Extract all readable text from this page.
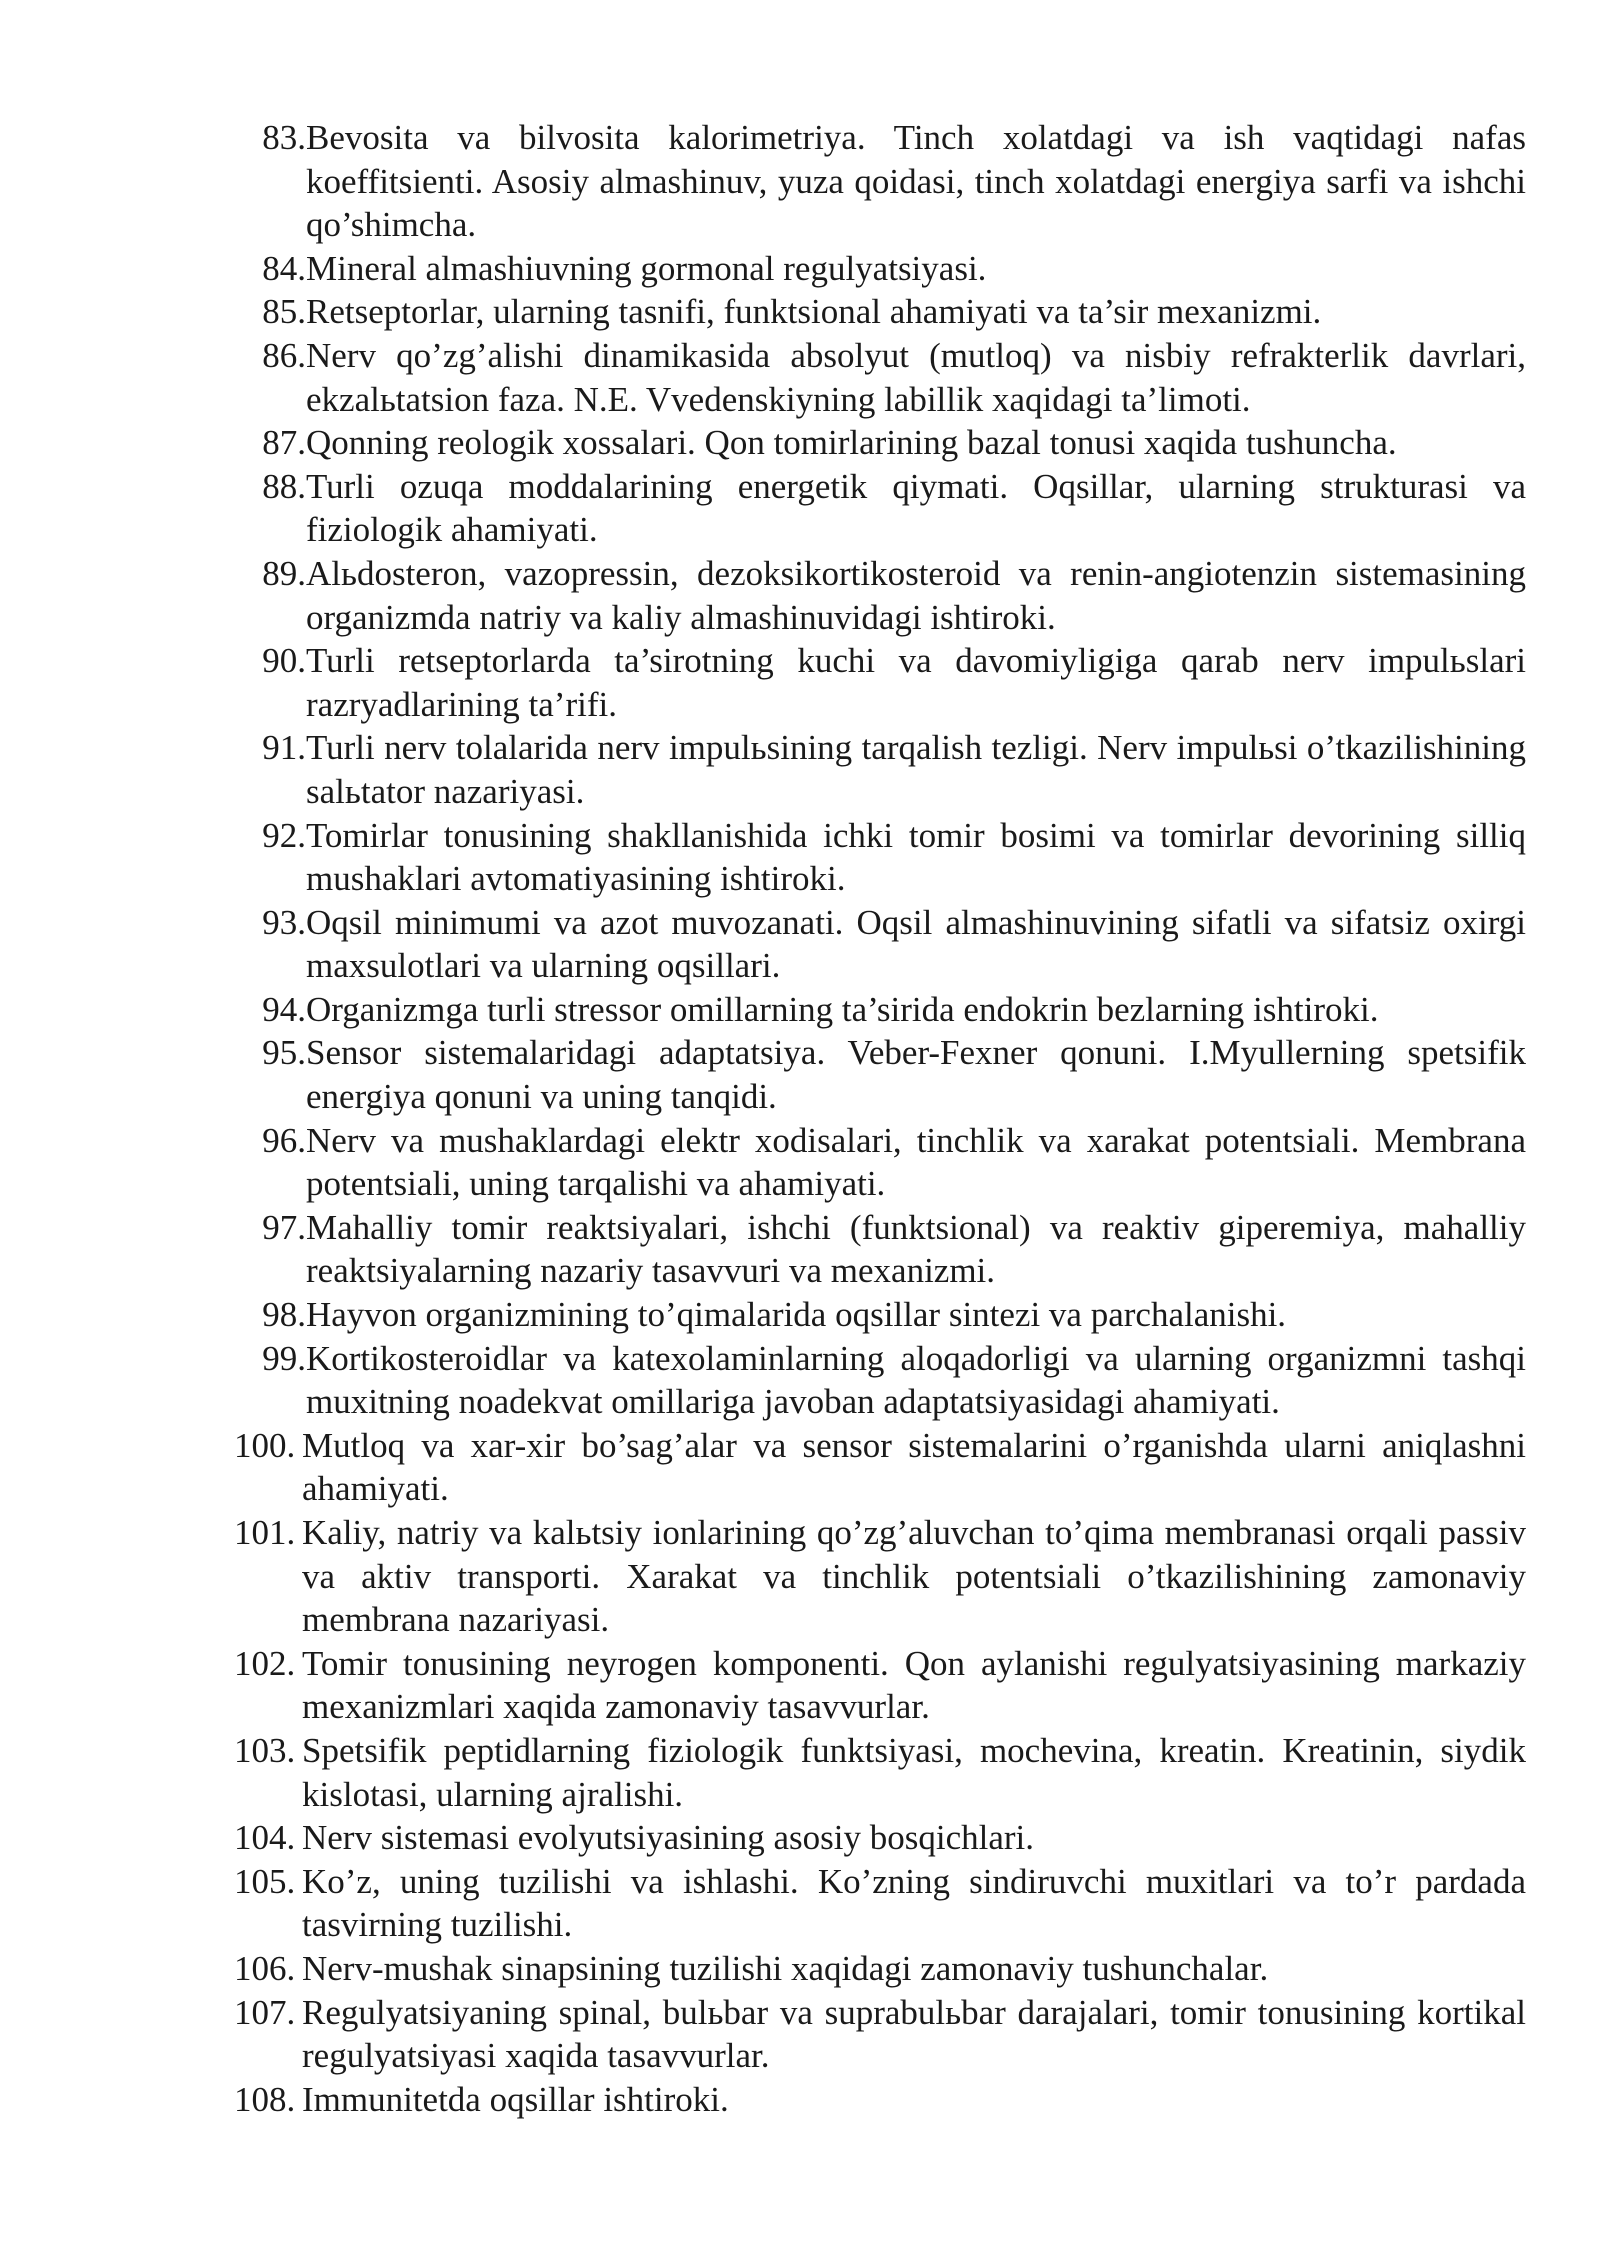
83. Bevosita va bilvosita kalorimetriya. Tinch xolatdagi va ish vaqtidagi nafas koeffitsienti. Asosiy almashinuv, yuza qoidasi, tinch xolatdagi energiya sarfi va ishchi qo’shimcha.
84. Mineral almashiuvning gormonal regulyatsiyasi.
85. Retseptorlar, ularning tasnifi, funktsional ahamiyati va ta’sir mexanizmi.
86. Nerv qo’zg’alishi dinamikasida absolyut (mutloq) va nisbiy refrakterlik davrlari, ekzalьtatsion faza. N.E. Vvedenskiyning labillik xaqidagi ta’limoti.
87. Qonning reologik xossalari. Qon tomirlarining bazal tonusi xaqida tushuncha.
88. Turli ozuqa moddalarining energetik qiymati. Oqsillar, ularning strukturasi va fiziologik ahamiyati.
89. Alьdosteron, vazopressin, dezoksikortikosteroid va renin-angiotenzin sistemasining organizmda natriy va kaliy almashinuvidagi ishtiroki.
90. Turli retseptorlarda ta’sirotning kuchi va davomiyligiga qarab nerv impulьslari razryadlarining ta’rifi.
91. Turli nerv tolalarida nerv impulьsining tarqalish tezligi. Nerv impulьsi o’tkazilishining salьtator nazariyasi.
92. Tomirlar tonusining shakllanishida ichki tomir bosimi va tomirlar devorining silliq mushaklari avtomatiyasining ishtiroki.
93. Oqsil minimumi va azot muvozanati. Oqsil almashinuvining sifatli va sifatsiz oxirgi maxsulotlari va ularning oqsillari.
94. Organizmga turli stressor omillarning ta’sirida endokrin bezlarning ishtiroki.
95. Sensor sistemalaridagi adaptatsiya. Veber-Fexner qonuni. I.Myullerning spetsifik energiya qonuni va uning tanqidi.
96. Nerv va mushaklardagi elektr xodisalari, tinchlik va xarakat potentsiali. Membrana potentsiali, uning tarqalishi va ahamiyati.
97. Mahalliy tomir reaktsiyalari, ishchi (funktsional) va reaktiv giperemiya, mahalliy reaktsiyalarning nazariy tasavvuri va mexanizmi.
98. Hayvon organizmining to’qimalarida oqsillar sintezi va parchalanishi.
99. Kortikosteroidlar va katexolaminlarning aloqadorligi va ularning organizmni tashqi muxitning noadekvat omillariga javoban adaptatsiyasidagi ahamiyati.
100. Mutloq va xar-xir bo’sag’alar va sensor sistemalarini o’rganishda ularni aniqlashni ahamiyati.
101. Kaliy, natriy va kalьtsiy ionlarining qo’zg’aluvchan to’qima membranasi orqali passiv va aktiv transporti. Xarakat va tinchlik potentsiali o’tkazilishining zamonaviy membrana nazariyasi.
102. Tomir tonusining neyrogen komponenti. Qon aylanishi regulyatsiyasining markaziy mexanizmlari xaqida zamonaviy tasavvurlar.
103. Spetsifik peptidlarning fiziologik funktsiyasi, mochevina, kreatin. Kreatinin, siydik kislotasi, ularning ajralishi.
104. Nerv sistemasi evolyutsiyasining asosiy bosqichlari.
105. Ko’z, uning tuzilishi va ishlashi. Ko’zning sindiruvchi muxitlari va to’r pardada tasvirning tuzilishi.
106. Nerv-mushak sinapsining tuzilishi xaqidagi zamonaviy tushunchalar.
107. Regulyatsiyaning spinal, bulьbar va suprabulьbar darajalari, tomir tonusining kortikal regulyatsiyasi xaqida tasavvurlar.
108. Immunitetda oqsillar ishtiroki.
